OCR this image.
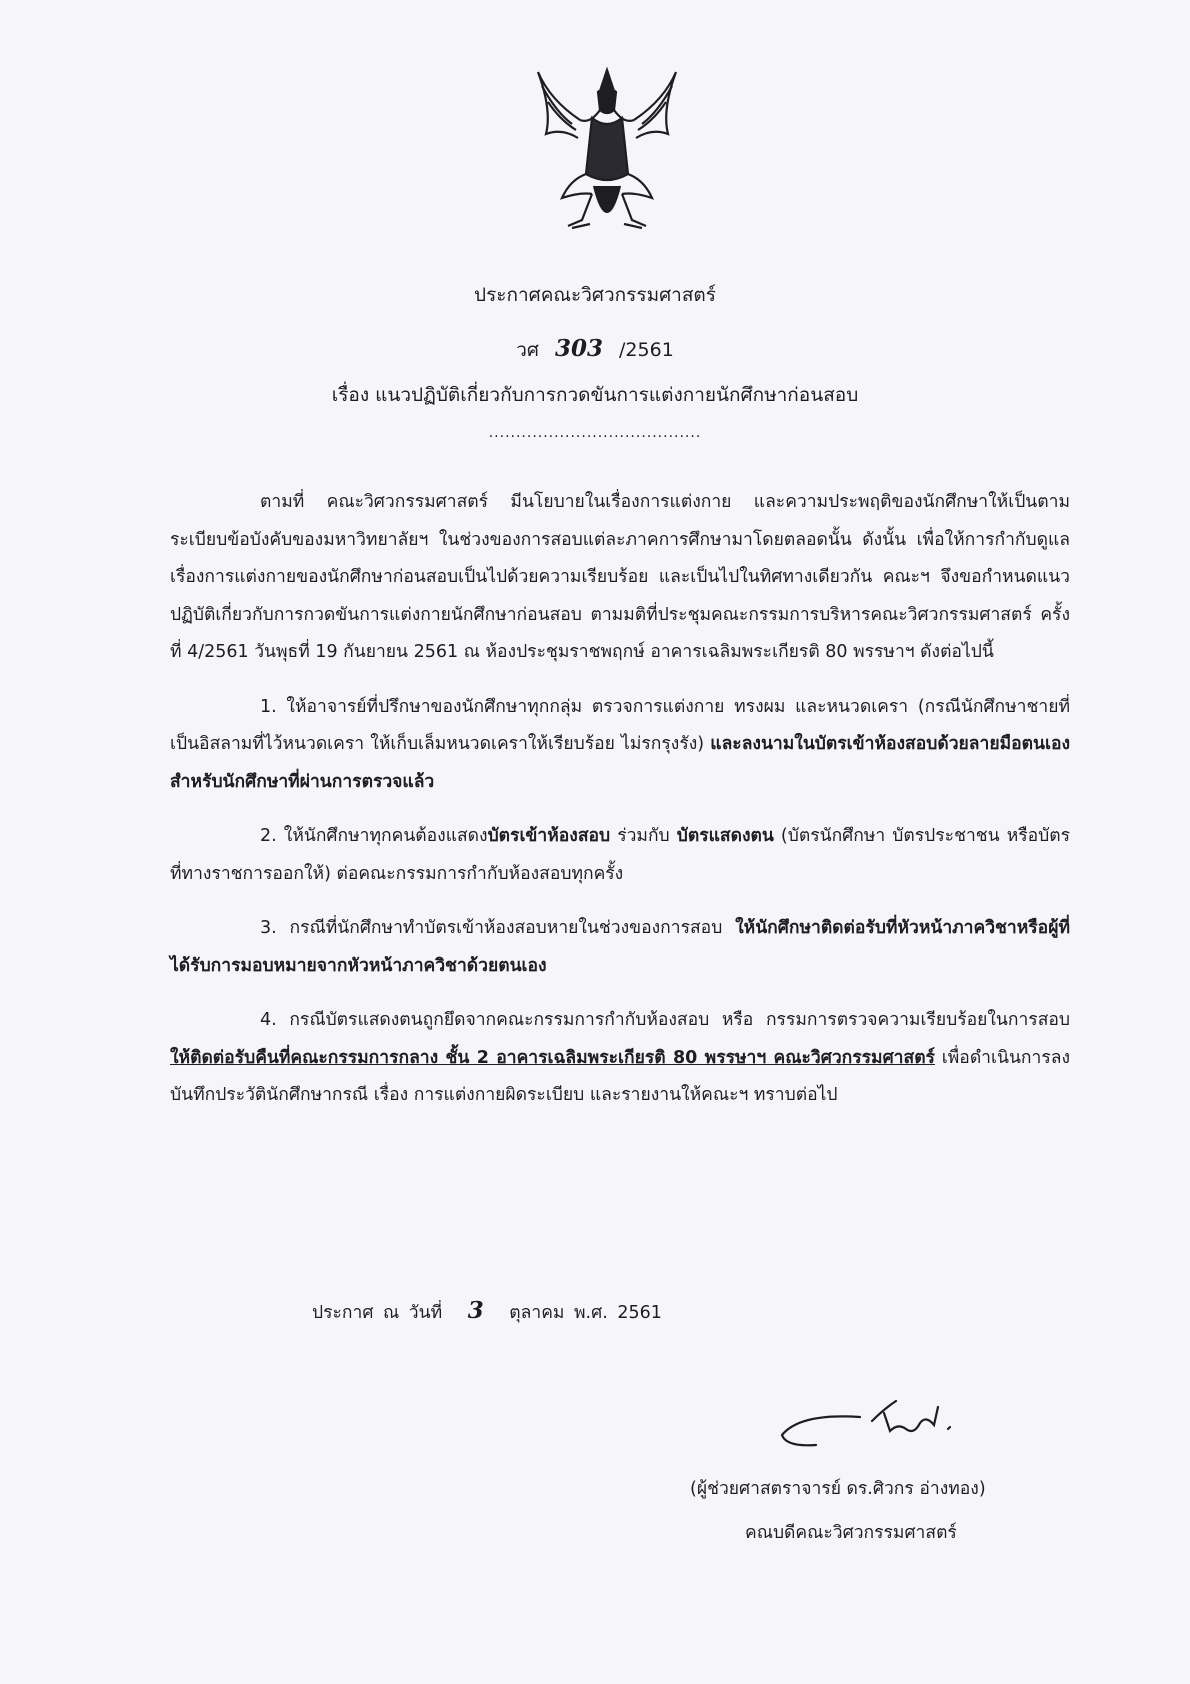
ประกาศคณะวิศวกรรมศาสตร์
วศ 303 /2561
เรื่อง แนวปฏิบัติเกี่ยวกับการกวดขันการแต่งกายนักศึกษาก่อนสอบ
.......................................

ตามที่ คณะวิศวกรรมศาสตร์ มีนโยบายในเรื่องการแต่งกาย และความประพฤติของนักศึกษาให้เป็นตามระเบียบข้อบังคับของมหาวิทยาลัยฯ ในช่วงของการสอบแต่ละภาคการศึกษามาโดยตลอดนั้น ดังนั้น เพื่อให้การกำกับดูแลเรื่องการแต่งกายของนักศึกษาก่อนสอบเป็นไปด้วยความเรียบร้อย และเป็นไปในทิศทางเดียวกัน คณะฯ จึงขอกำหนดแนวปฏิบัติเกี่ยวกับการกวดขันการแต่งกายนักศึกษาก่อนสอบ ตามมติที่ประชุมคณะกรรมการบริหารคณะวิศวกรรมศาสตร์ ครั้งที่ 4/2561 วันพุธที่ 19 กันยายน 2561 ณ ห้องประชุมราชพฤกษ์ อาคารเฉลิมพระเกียรติ 80 พรรษาฯ ดังต่อไปนี้

1. ให้อาจารย์ที่ปรึกษาของนักศึกษาทุกกลุ่ม ตรวจการแต่งกาย ทรงผม และหนวดเครา (กรณีนักศึกษาชายที่เป็นอิสลามที่ไว้หนวดเครา ให้เก็บเล็มหนวดเคราให้เรียบร้อย ไม่รกรุงรัง) และลงนามในบัตรเข้าห้องสอบด้วยลายมือตนเอง สำหรับนักศึกษาที่ผ่านการตรวจแล้ว

2. ให้นักศึกษาทุกคนต้องแสดงบัตรเข้าห้องสอบ ร่วมกับ บัตรแสดงตน (บัตรนักศึกษา บัตรประชาชน หรือบัตรที่ทางราชการออกให้) ต่อคณะกรรมการกำกับห้องสอบทุกครั้ง

3. กรณีที่นักศึกษาทำบัตรเข้าห้องสอบหายในช่วงของการสอบ ให้นักศึกษาติดต่อรับที่หัวหน้าภาควิชาหรือผู้ที่ได้รับการมอบหมายจากหัวหน้าภาควิชาด้วยตนเอง

4. กรณีบัตรแสดงตนถูกยึดจากคณะกรรมการกำกับห้องสอบ หรือ กรรมการตรวจความเรียบร้อยในการสอบ ให้ติดต่อรับคืนที่คณะกรรมการกลาง ชั้น 2 อาคารเฉลิมพระเกียรติ 80 พรรษาฯ คณะวิศวกรรมศาสตร์ เพื่อดำเนินการลงบันทึกประวัตินักศึกษากรณี เรื่อง การแต่งกายผิดระเบียบ และรายงานให้คณะฯ ทราบต่อไป

ประกาศ ณ วันที่ 3 ตุลาคม พ.ศ. 2561
(ผู้ช่วยศาสตราจารย์ ดร.ศิวกร อ่างทอง)
คณบดีคณะวิศวกรรมศาสตร์
